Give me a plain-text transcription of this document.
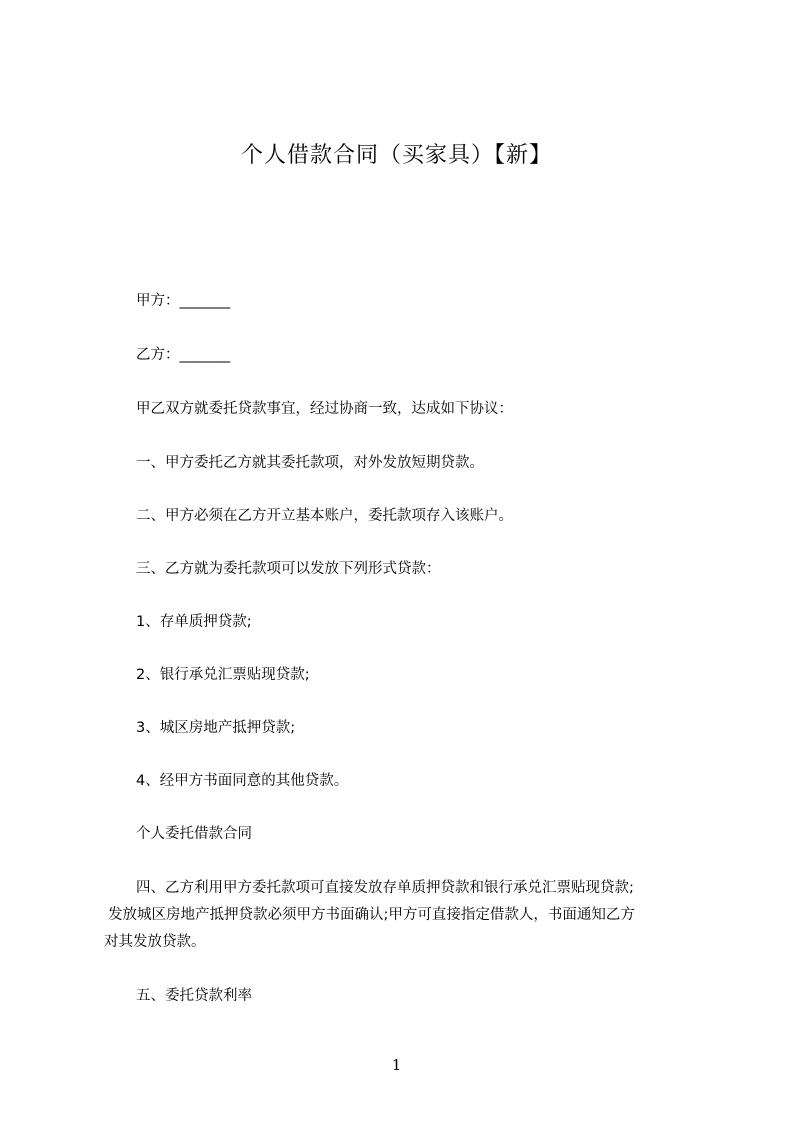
个人借款合同（买家具）【新】
甲方：_______
乙方：_______
甲乙双方就委托贷款事宜，经过协商一致，达成如下协议：
一、甲方委托乙方就其委托款项，对外发放短期贷款。
二、甲方必须在乙方开立基本账户，委托款项存入该账户。
三、乙方就为委托款项可以发放下列形式贷款：
1、存单质押贷款;
2、银行承兑汇票贴现贷款;
3、城区房地产抵押贷款;
4、经甲方书面同意的其他贷款。
个人委托借款合同
四、乙方利用甲方委托款项可直接发放存单质押贷款和银行承兑汇票贴现贷款;
发放城区房地产抵押贷款必须甲方书面确认;甲方可直接指定借款人，书面通知乙方
对其发放贷款。
五、委托贷款利率
1
